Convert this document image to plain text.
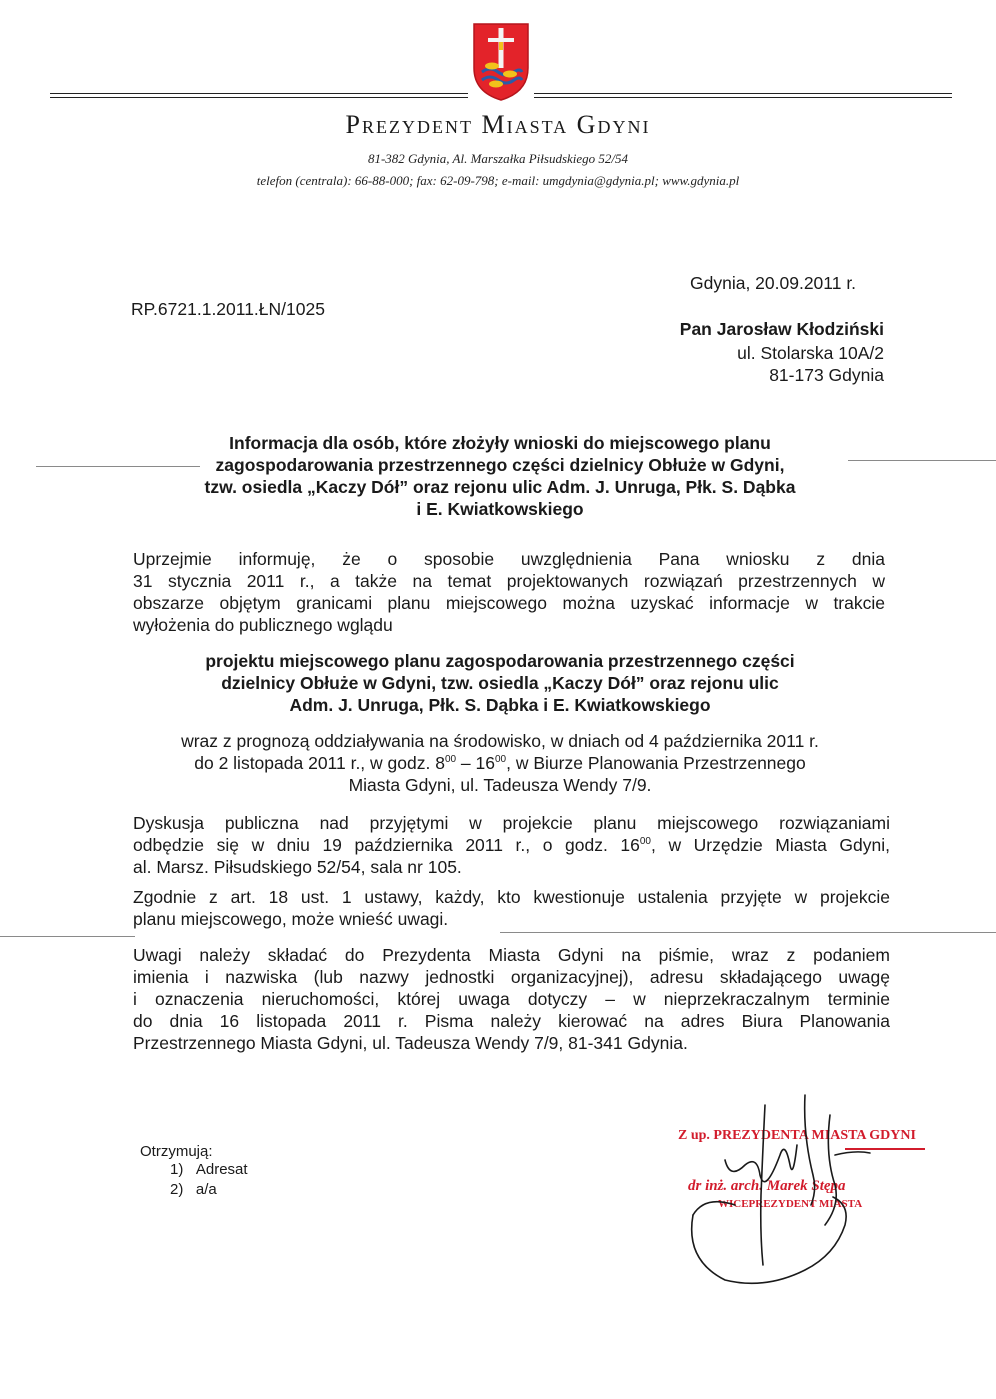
Prezydent Miasta Gdyni
81-382 Gdynia, Al. Marszałka Piłsudskiego 52/54
telefon (centrala): 66-88-000; fax: 62-09-798; e-mail: umgdynia@gdynia.pl; www.gdynia.pl
Gdynia, 20.09.2011 r.
RP.6721.1.2011.ŁN/1025
Pan Jarosław Kłodziński
ul. Stolarska 10A/2
81-173 Gdynia
Informacja dla osób, które złożyły wnioski do miejscowego planu
zagospodarowania przestrzennego części dzielnicy Obłuże w Gdyni,
tzw. osiedla „Kaczy Dół” oraz rejonu ulic Adm. J. Unruga, Płk. S. Dąbka
i E. Kwiatkowskiego
Uprzejmie informuję, że o sposobie uwzględnienia Pana wniosku z dnia
31 stycznia 2011 r., a także na temat projektowanych rozwiązań przestrzennych w
obszarze objętym granicami planu miejscowego można uzyskać informacje w trakcie
wyłożenia do publicznego wglądu
projektu miejscowego planu zagospodarowania przestrzennego części
dzielnicy Obłuże w Gdyni, tzw. osiedla „Kaczy Dół” oraz rejonu ulic
Adm. J. Unruga, Płk. S. Dąbka i E. Kwiatkowskiego
wraz z prognozą oddziaływania na środowisko, w dniach od 4 października 2011 r.
do 2 listopada 2011 r., w godz. $8^{00} - 16^{00}$, w Biurze Planowania Przestrzennego
Miasta Gdyni, ul. Tadeusza Wendy 7/9.
Dyskusja publiczna nad przyjętymi w projekcie planu miejscowego rozwiązaniami
odbędzie się w dniu 19 października 2011 r., o godz. $16^{00}$, w Urzędzie Miasta Gdyni,
al. Marsz. Piłsudskiego 52/54, sala nr 105.
Zgodnie z art. 18 ust. 1 ustawy, każdy, kto kwestionuje ustalenia przyjęte w projekcie
planu miejscowego, może wnieść uwagi.
Uwagi należy składać do Prezydenta Miasta Gdyni na piśmie, wraz z podaniem
imienia i nazwiska (lub nazwy jednostki organizacyjnej), adresu składającego uwagę
i oznaczenia nieruchomości, której uwaga dotyczy – w nieprzekraczalnym terminie
do dnia 16 listopada 2011 r. Pisma należy kierować na adres Biura Planowania
Przestrzennego Miasta Gdyni, ul. Tadeusza Wendy 7/9, 81-341 Gdynia.
Otrzymują:
1) Adresat
2) a/a
Z up. PREZYDENTA MIASTA GDYNI
dr inż. arch. Marek Stępa
WICEPREZYDENT MIASTA
